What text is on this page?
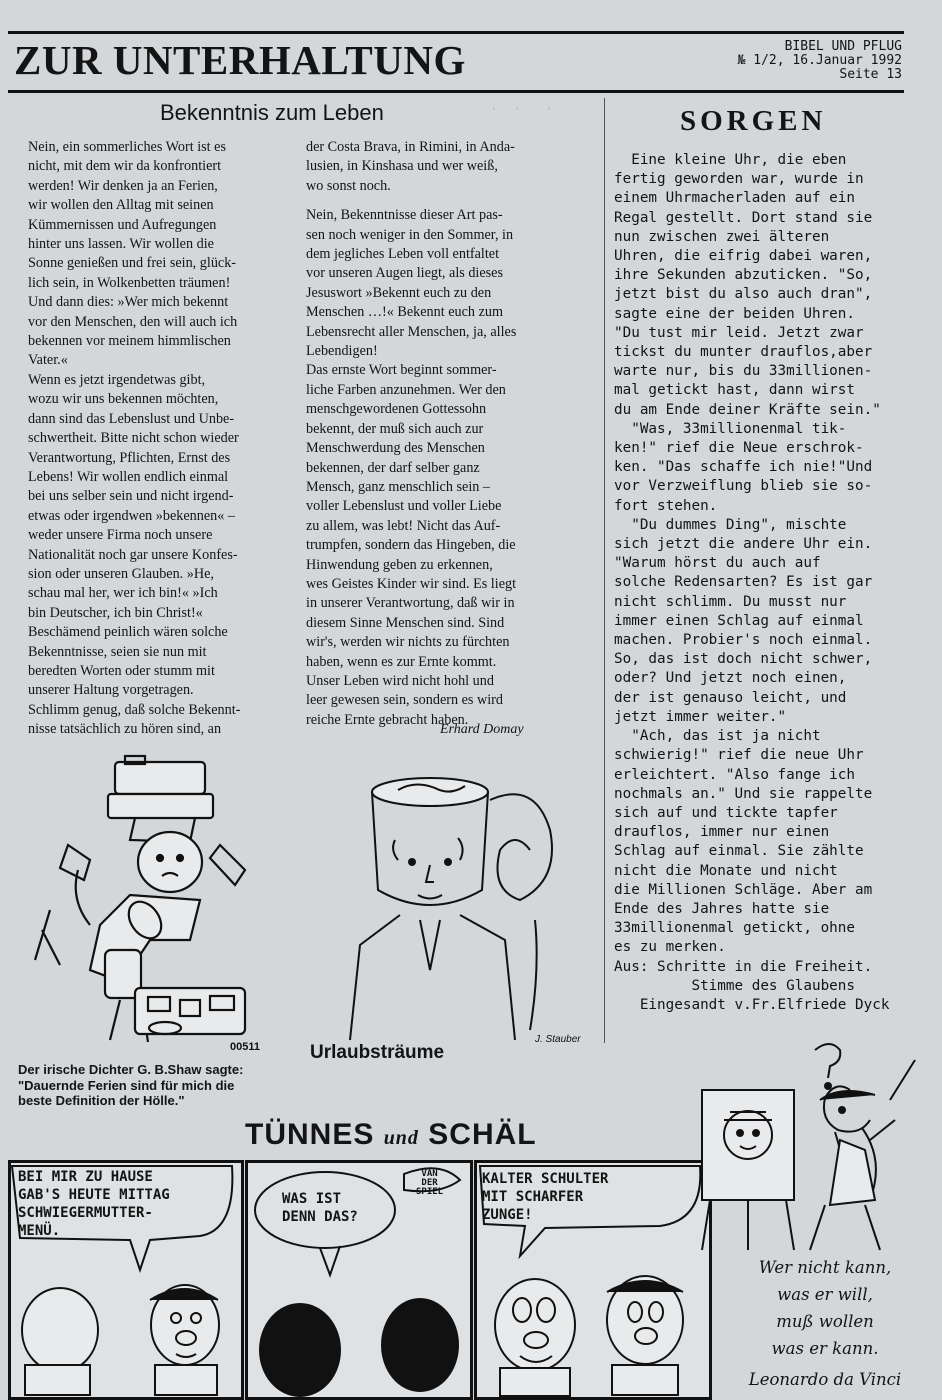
·  ·   ·
ZUR UNTERHALTUNG	BIBEL UND PFLUG
№ 1/2, 16.Januar 1992
Seite 13
Bekenntnis zum Leben

Nein, ein sommerliches Wort ist es

nicht, mit dem wir da konfrontiert

werden! Wir denken ja an Ferien,

wir wollen den Alltag mit seinen

Kümmernissen und Aufregungen

hinter uns lassen. Wir wollen die

Sonne genießen und frei sein, glück-

lich sein, in Wolkenbetten träumen!

Und dann dies: »Wer mich bekennt

vor den Menschen, den will auch ich

bekennen vor meinem himmlischen

Vater.«

Wenn es jetzt irgendetwas gibt,

wozu wir uns bekennen möchten,

dann sind das Lebenslust und Unbe-

schwertheit. Bitte nicht schon wieder

Verantwortung, Pflichten, Ernst des

Lebens! Wir wollen endlich einmal

bei uns selber sein und nicht irgend-

etwas oder irgendwen »bekennen« –

weder unsere Firma noch unsere

Nationalität noch gar unsere Konfes-

sion oder unseren Glauben. »He,

schau mal her, wer ich bin!« »Ich

bin Deutscher, ich bin Christ!«

Beschämend peinlich wären solche

Bekenntnisse, seien sie nun mit

beredten Worten oder stumm mit

unserer Haltung vorgetragen.

Schlimm genug, daß solche Bekennt-

nisse tatsächlich zu hören sind, an

der Costa Brava, in Rimini, in Anda-

lusien, in Kinshasa und wer weiß,

wo sonst noch.

Nein, Bekenntnisse dieser Art pas-

sen noch weniger in den Sommer, in

dem jegliches Leben voll entfaltet

vor unseren Augen liegt, als dieses

Jesuswort »Bekennt euch zu den

Menschen …!« Bekennt euch zum

Lebensrecht aller Menschen, ja, alles

Lebendigen!

Das ernste Wort beginnt sommer-

liche Farben anzunehmen. Wer den

menschgewordenen Gottessohn

bekennt, der muß sich auch zur

Menschwerdung des Menschen

bekennen, der darf selber ganz

Mensch, ganz menschlich sein –

voller Lebenslust und voller Liebe

zu allem, was lebt! Nicht das Auf-

trumpfen, sondern das Hingeben, die

Hinwendung geben zu erkennen,

wes Geistes Kinder wir sind. Es liegt

in unserer Verantwortung, daß wir in

diesem Sinne Menschen sind. Sind

wir's, werden wir nichts zu fürchten

haben, wenn es zur Ernte kommt.

Unser Leben wird nicht hohl und

leer gewesen sein, sondern es wird

reiche Ernte gebracht haben.

Erhard Domay
SORGEN

Eine kleine Uhr, die eben

fertig geworden war, wurde in

einem Uhrmacherladen auf ein

Regal gestellt. Dort stand sie

nun zwischen zwei älteren

Uhren, die eifrig dabei waren,

ihre Sekunden abzuticken. "So,

jetzt bist du also auch dran",

sagte eine der beiden Uhren.

"Du tust mir leid. Jetzt zwar

tickst du munter drauflos,aber

warte nur, bis du 33millionen-

mal getickt hast, dann wirst

du am Ende deiner Kräfte sein."

"Was, 33millionenmal tik-

ken!" rief die Neue erschrok-

ken. "Das schaffe ich nie!"Und

vor Verzweiflung blieb sie so-

fort stehen.

"Du dummes Ding", mischte

sich jetzt die andere Uhr ein.

"Warum hörst du auch auf

solche Redensarten? Es ist gar

nicht schlimm. Du musst nur

immer einen Schlag auf einmal

machen. Probier's noch einmal.

So, das ist doch nicht schwer,

oder? Und jetzt noch einen,

der ist genauso leicht, und

jetzt immer weiter."

"Ach, das ist ja nicht

schwierig!" rief die neue Uhr

erleichtert. "Also fange ich

nochmals an." Und sie rappelte

sich auf und tickte tapfer

drauflos, immer nur einen

Schlag auf einmal. Sie zählte

nicht die Monate und nicht

die Millionen Schläge. Aber am

Ende des Jahres hatte sie

33millionenmal getickt, ohne

es zu merken.

Aus: Schritte in die Freiheit.

Stimme des Glaubens

Eingesandt v.Fr.Elfriede Dyck

00511

Der irische Dichter G. B.Shaw sagte:

"Dauernde Ferien sind für mich die

beste Definition der Hölle."

J. Stauber
Urlaubsträume
TÜNNES und SCHÄL

BEI MIR ZU HAUSE

GAB'S HEUTE MITTAG

SCHWIEGERMUTTER-

MENÜ.

WAS IST

DENN DAS?

VAN

DER

SPIEL

KALTER SCHULTER

MIT SCHARFER

ZUNGE!

Wer nicht kann,

was er will,

muß wollen

was er kann.

Leonardo da Vinci
